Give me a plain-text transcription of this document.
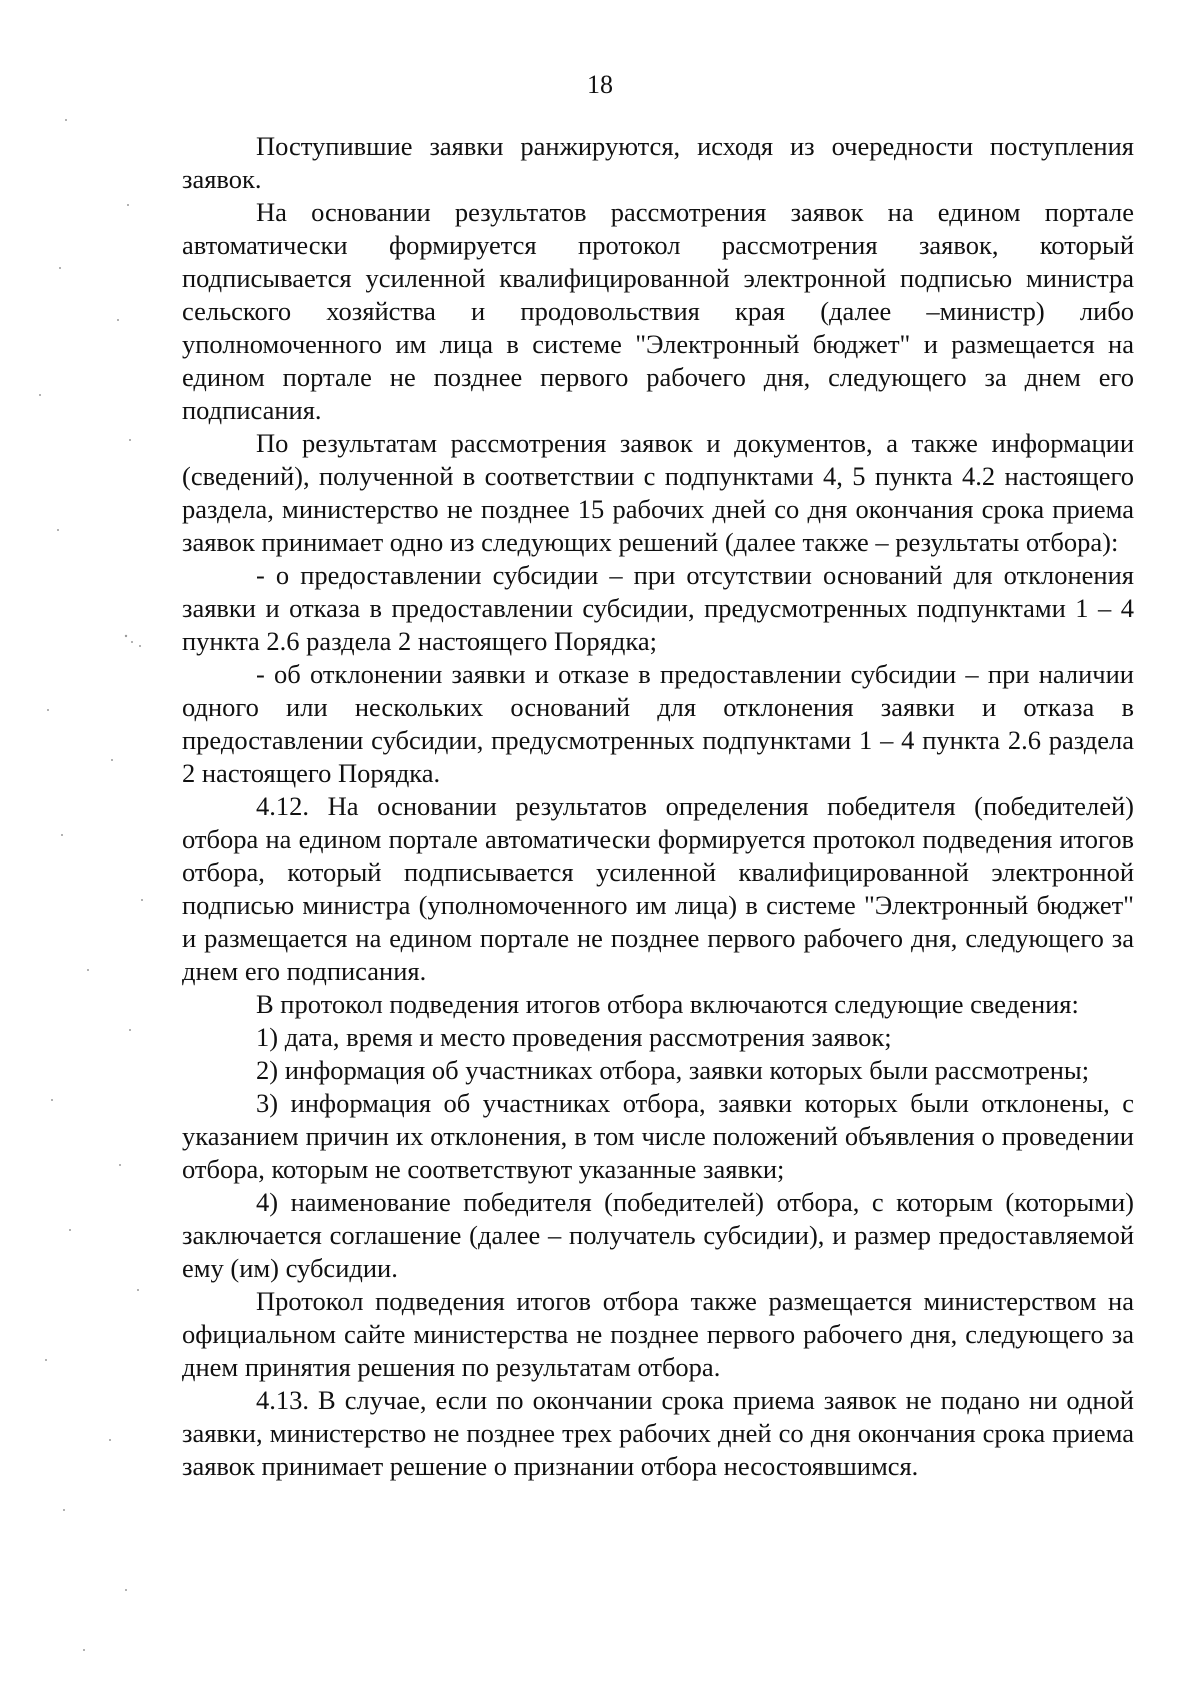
18

Поступившие заявки ранжируются, исходя из очередности поступления заявок.

На основании результатов рассмотрения заявок на едином портале автоматически формируется протокол рассмотрения заявок, который подписывается усиленной квалифицированной электронной подписью министра сельского хозяйства и продовольствия края (далее –министр) либо уполномоченного им лица в системе "Электронный бюджет" и размещается на едином портале не позднее первого рабочего дня, следующего за днем его подписания.

По результатам рассмотрения заявок и документов, а также информации (сведений), полученной в соответствии с подпунктами 4, 5 пункта 4.2 настоящего раздела, министерство не позднее 15 рабочих дней со дня окончания срока приема заявок принимает одно из следующих решений (далее также – результаты отбора):

- о предоставлении субсидии – при отсутствии оснований для отклонения заявки и отказа в предоставлении субсидии, предусмотренных подпунктами 1 – 4 пункта 2.6 раздела 2 настоящего Порядка;

- об отклонении заявки и отказе в предоставлении субсидии – при наличии одного или нескольких оснований для отклонения заявки и отказа в предоставлении субсидии, предусмотренных подпунктами 1 – 4 пункта 2.6 раздела 2 настоящего Порядка.

4.12. На основании результатов определения победителя (победителей) отбора на едином портале автоматически формируется протокол подведения итогов отбора, который подписывается усиленной квалифицированной электронной подписью министра (уполномоченного им лица) в системе "Электронный бюджет" и размещается на едином портале не позднее первого рабочего дня, следующего за днем его подписания.

В протокол подведения итогов отбора включаются следующие сведения:

1) дата, время и место проведения рассмотрения заявок;

2) информация об участниках отбора, заявки которых были рассмотрены;

3) информация об участниках отбора, заявки которых были отклонены, с указанием причин их отклонения, в том числе положений объявления о проведении отбора, которым не соответствуют указанные заявки;

4) наименование победителя (победителей) отбора, с которым (которыми) заключается соглашение (далее – получатель субсидии), и размер предоставляемой ему (им) субсидии.

Протокол подведения итогов отбора также размещается министерством на официальном сайте министерства не позднее первого рабочего дня, следующего за днем принятия решения по результатам отбора.

4.13. В случае, если по окончании срока приема заявок не подано ни одной заявки, министерство не позднее трех рабочих дней со дня окончания срока приема заявок принимает решение о признании отбора несостоявшимся.
